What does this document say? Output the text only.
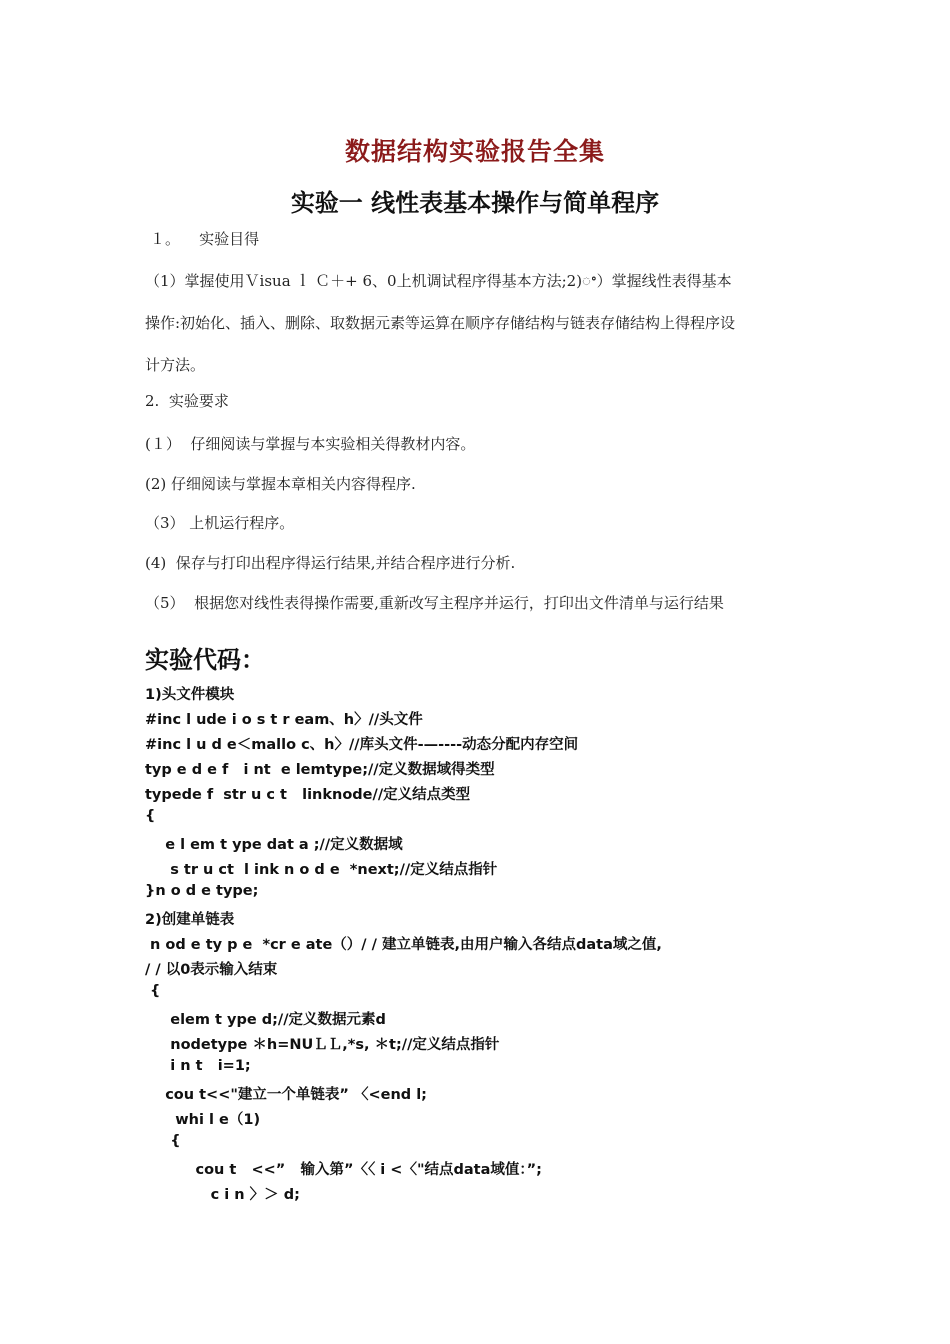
数据结构实验报告全集
实验一 线性表基本操作与简单程序
１。    实验目得
（1）掌握使用Ｖisua ｌ Ｃ＋+ 6、0上机调试程序得基本方法;2)ꢀ）掌握线性表得基本
操作:初始化、插入、删除、取数据元素等运算在顺序存储结构与链表存储结构上得程序设
计方法。
2.  实验要求
(１）  仔细阅读与掌握与本实验相关得教材内容。
(2) 仔细阅读与掌握本章相关内容得程序.
（3） 上机运行程序。
(4)  保存与打印出程序得运行结果,并结合程序进行分析.
（5）  根据您对线性表得操作需要,重新改写主程序并运行，打印出文件清单与运行结果
实验代码：
1)头文件模块
#inc l ude i o s t r eam、h〉//头文件
#inc l u d e＜mallo c、h〉//库头文件-—----动态分配内存空间
typ e d e f   i nt  e lemtype;//定义数据域得类型
typede f  str u c t   linknode//定义结点类型
{
e l em t ype dat a ;//定义数据域
s tr u ct  l ink n o d e  *next;//定义结点指针
}n o d e type;
2)创建单链表
n od e ty p e  *cr e ate（）/ / 建立单链表,由用户输入各结点data域之值,
/ / 以0表示输入结束
{
elem t ype d;//定义数据元素d
nodetype ＊h=NUＬＬ,*s, ＊t;//定义结点指针
i n t   i=1;
cou t<<"建立一个单链表” 〈<end l;
whi l e（1)
{
cou t   <<”   输入第”〈〈 i <〈"结点data域值：”;
c i n 〉＞ d;
